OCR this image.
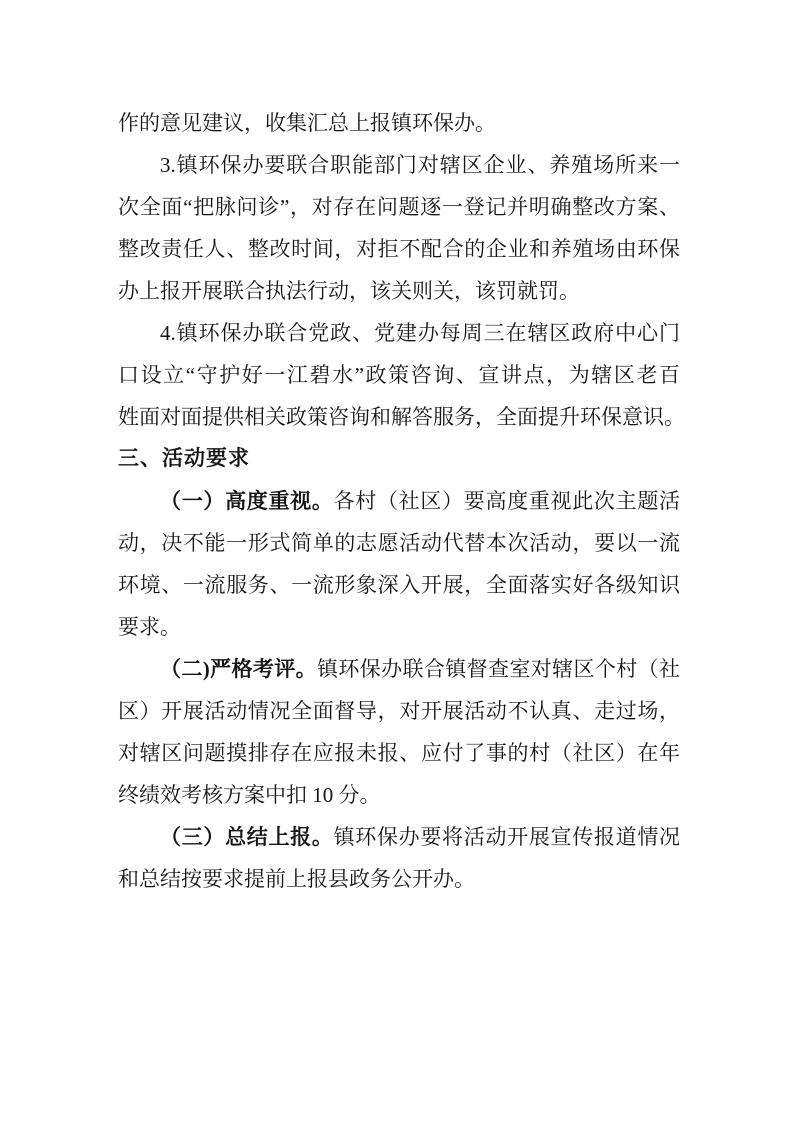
作的意见建议，收集汇总上报镇环保办。
3.镇环保办要联合职能部门对辖区企业、养殖场所来一
次全面“把脉问诊”，对存在问题逐一登记并明确整改方案、
整改责任人、整改时间，对拒不配合的企业和养殖场由环保
办上报开展联合执法行动，该关则关，该罚就罚。
4.镇环保办联合党政、党建办每周三在辖区政府中心门
口设立“守护好一江碧水”政策咨询、宣讲点，为辖区老百
姓面对面提供相关政策咨询和解答服务，全面提升环保意识。
三、活动要求
（一）高度重视。各村（社区）要高度重视此次主题活
动，决不能一形式简单的志愿活动代替本次活动，要以一流
环境、一流服务、一流形象深入开展，全面落实好各级知识
要求。
（二)严格考评。镇环保办联合镇督查室对辖区个村（社
区）开展活动情况全面督导，对开展活动不认真、走过场，
对辖区问题摸排存在应报未报、应付了事的村（社区）在年
终绩效考核方案中扣 10 分。
（三）总结上报。镇环保办要将活动开展宣传报道情况
和总结按要求提前上报县政务公开办。
